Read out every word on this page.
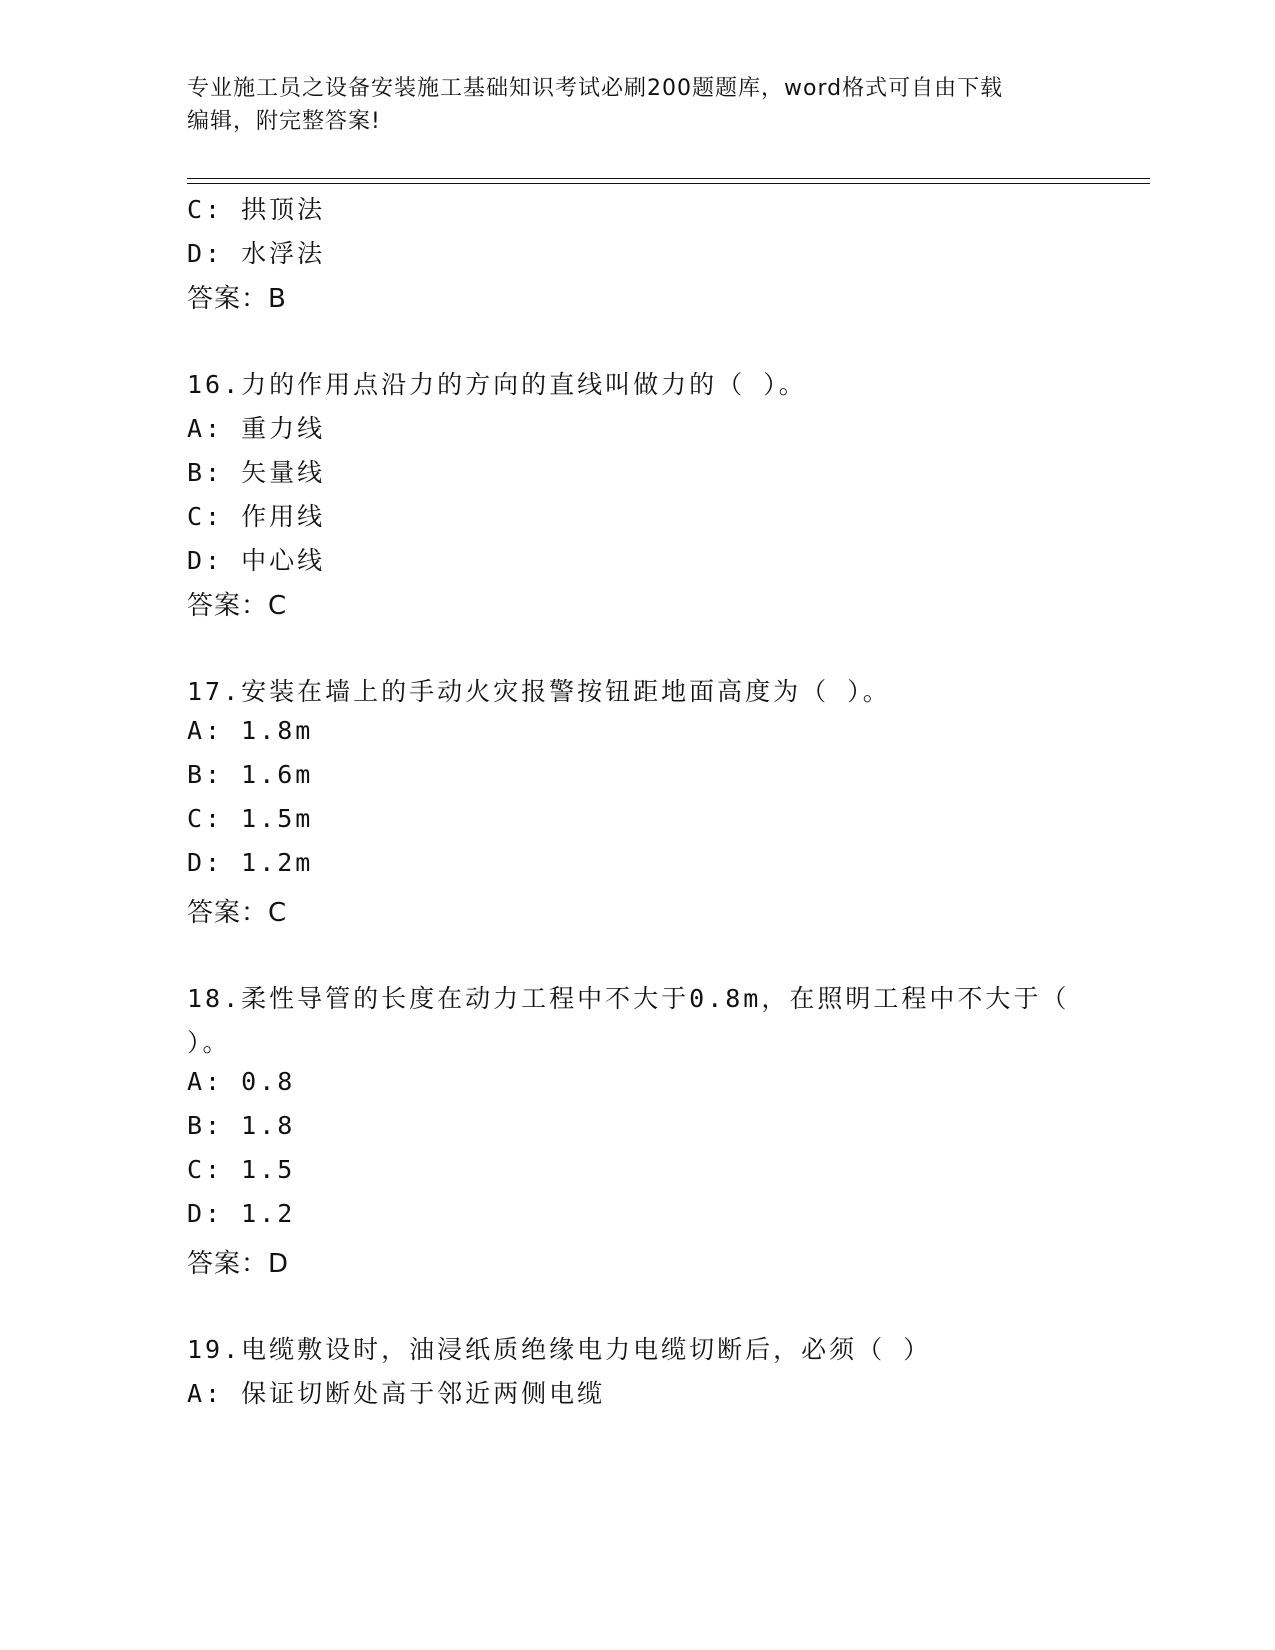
专业施工员之设备安装施工基础知识考试必刷200题题库，word格式可自由下载
编辑，附完整答案!
C: 拱顶法
D: 水浮法
答案：B
16.力的作用点沿力的方向的直线叫做力的（ ）。
A: 重力线
B: 矢量线
C: 作用线
D: 中心线
答案：C
17.安装在墙上的手动火灾报警按钮距地面高度为（ ）。
A: 1.8m
B: 1.6m
C: 1.5m
D: 1.2m
答案：C
18.柔性导管的长度在动力工程中不大于0.8m，在照明工程中不大于（
）。
A: 0.8
B: 1.8
C: 1.5
D: 1.2
答案：D
19.电缆敷设时，油浸纸质绝缘电力电缆切断后，必须（ ）
A: 保证切断处高于邻近两侧电缆
